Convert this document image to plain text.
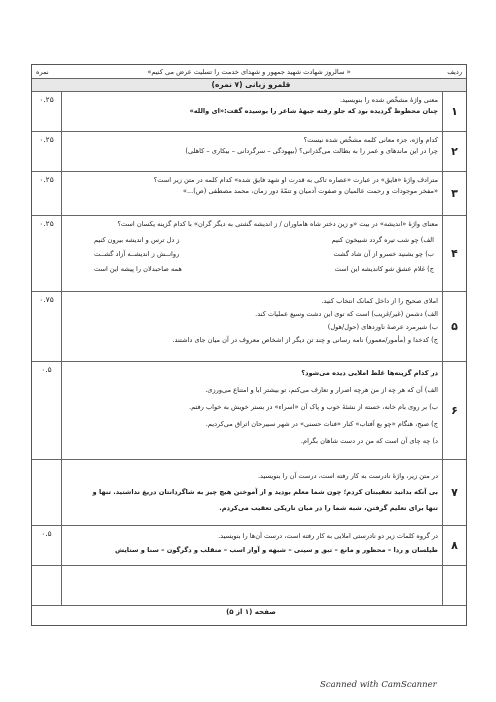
ردیف
« سالروز شهادت شهید جمهور و شهدای خدمت را تسلیت عرض می کنیم»
نمره
قلمرو زبانی (۷ نمره)
۱
۰.۲۵	معنی واژهٔ مشخّص شده را بنویسید.
چنان محظوظ گردیده بود که جلو رفته جبههٔ شاعر را بوسیده گفت:«ای والله»
۲
۰.۲۵	کدام واژه، جزء معانی کلمه مشخّص شده نیست؟
چرا در این ماندهای و عمر را به بطالت می‌گذرانی؟ (بیهودگی – سرگردانی – بیکاری – کاهلی)
۳
۰.۲۵	مترادف واژهٔ «فایق» در عبارت «عصاره تاکی به قدرت او شهد فایق شده» کدام کلمه در متن زیر است؟
«مفخر موجودات و رحمت عالمیان و صفوت آدمیان و تتمّهٔ دور زمان، محمد مصطفی (ص)...»
۴
۰.۲۵	معنای واژهٔ «اندیشه» در بیت «و زین دختر شاه هاماوران / ز اندیشه گشتی به دیگر گران» با کدام گزینه یکسان است؟
الف) چو شب تیره گردد شبیخون کنیم
ز دل ترس و اندیشه بیرون کنیم
ب) چو بشنید خسرو از آن شاد گشت
روانــش ز اندیشــه آزاد گشــت
ج) غلام عشق شو کاندیشه این است
همه صاحبدلان را پیشه این است
۵
۰.۷۵	املای صحیح را از داخل کمانک انتخاب کنید.
الف) دشمن (غیر/غریب) است که توی این دشت وسیع عملیات کند.
ب) شیرمرد عرصهٔ ناوردهای (حول/هول)
ج) کدخدا و (مأمور/معمور) نامه رسانی و چند تن دیگر از اشخاص معروف در آن میان جای داشتند.
۶
۰.۵	در کدام گزینه‌ها غلط املایی دیده می‌شود؟
الف) آن که هر چه از من هرچه اصرار و تعارف می‌کنم، تو بیشتر ابا و امتناع می‌ورزی.
ب) بر روی بام خانه، خسته از نشئهٔ خوب و پاک آن «اسراء» در بستر خویش به خواب رفتم.
ج) صبح، هنگام «چو بع آفتاب» کنار «فنات حسنی» در شهر سبیرحان اتراق می‌کردیم.
د) چه چای آن است که من در دست شاهان بگرام.
۷
در متن زیر، واژهٔ نادرست به کار رفته است، درست آن را بنویسید.
بی آنکه بدانید تعقیبتان کردم؛ چون شما معلم بودید و از آموختن هیچ چیز به شاگردانتان دریغ نداشتید. تنها و
تنها برای تعلیم گرفتن، شبه شما را در میان تاریکی تعقیب می‌کردم.
۸
۰.۵	در گروه کلمات زیر دو نادرستی املایی به کار رفته است، درست آن‌ها را بنویسید.
طیلسان و ردا – محظور و مانع – تبق و سینی – شبهه و آواز اسب – منقلب و دگرگون – سنا و ستایش
صفحه (۱ از ۵)
Scanned with CamScanner
